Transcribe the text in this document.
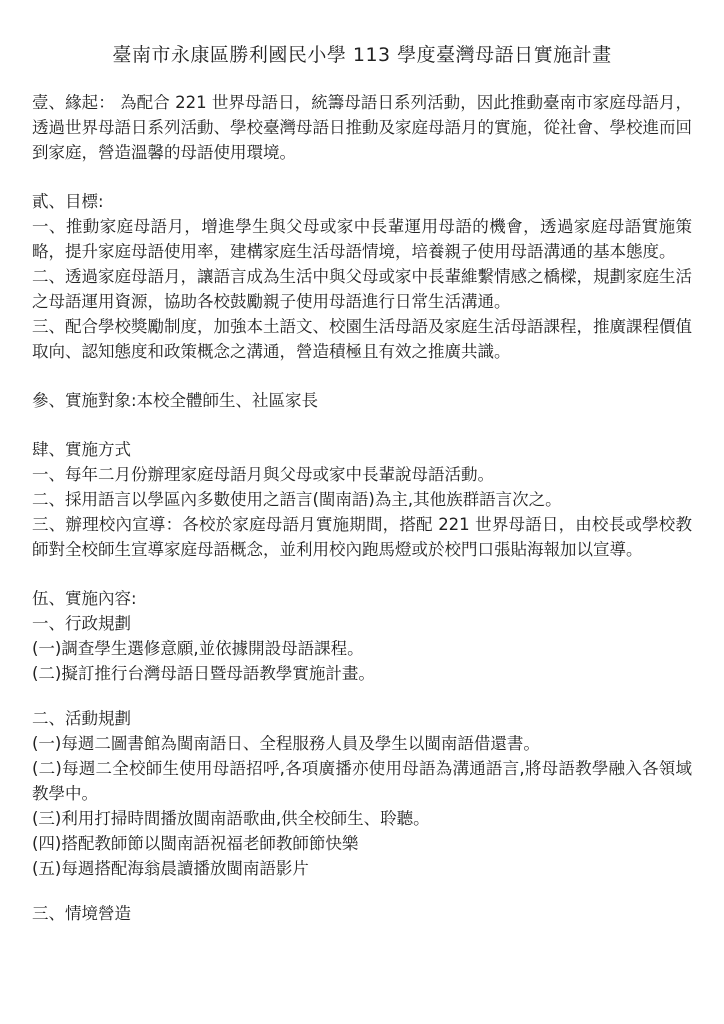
臺南市永康區勝利國民小學 113 學度臺灣母語日實施計畫

壹、緣起： 為配合 221 世界母語日，統籌母語日系列活動，因此推動臺南市家庭母語月，透過世界母語日系列活動、學校臺灣母語日推動及家庭母語月的實施，從社會、學校進而回到家庭，營造溫馨的母語使用環境。

貳、目標:

一、推動家庭母語月，增進學生與父母或家中長輩運用母語的機會，透過家庭母語實施策略，提升家庭母語使用率，建構家庭生活母語情境，培養親子使用母語溝通的基本態度。

二、透過家庭母語月，讓語言成為生活中與父母或家中長輩維繫情感之橋樑，規劃家庭生活之母語運用資源，協助各校鼓勵親子使用母語進行日常生活溝通。

三、配合學校獎勵制度，加強本土語文、校園生活母語及家庭生活母語課程，推廣課程價值取向、認知態度和政策概念之溝通，營造積極且有效之推廣共識。

參、實施對象:本校全體師生、社區家長

肆、實施方式

一、每年二月份辦理家庭母語月與父母或家中長輩說母語活動。

二、採用語言以學區內多數使用之語言(閩南語)為主,其他族群語言次之。

三、辦理校內宣導：各校於家庭母語月實施期間，搭配 221 世界母語日，由校長或學校教師對全校師生宣導家庭母語概念，並利用校內跑馬燈或於校門口張貼海報加以宣導。

伍、實施內容:

一、行政規劃

(一)調查學生選修意願,並依據開設母語課程。

(二)擬訂推行台灣母語日暨母語教學實施計畫。

二、活動規劃

(一)每週二圖書館為閩南語日、全程服務人員及學生以閩南語借還書。

(二)每週二全校師生使用母語招呼,各項廣播亦使用母語為溝通語言,將母語教學融入各領域教學中。

(三)利用打掃時間播放閩南語歌曲,供全校師生、聆聽。

(四)搭配教師節以閩南語祝福老師教師節快樂

(五)每週搭配海翁晨讀播放閩南語影片

三、情境營造
